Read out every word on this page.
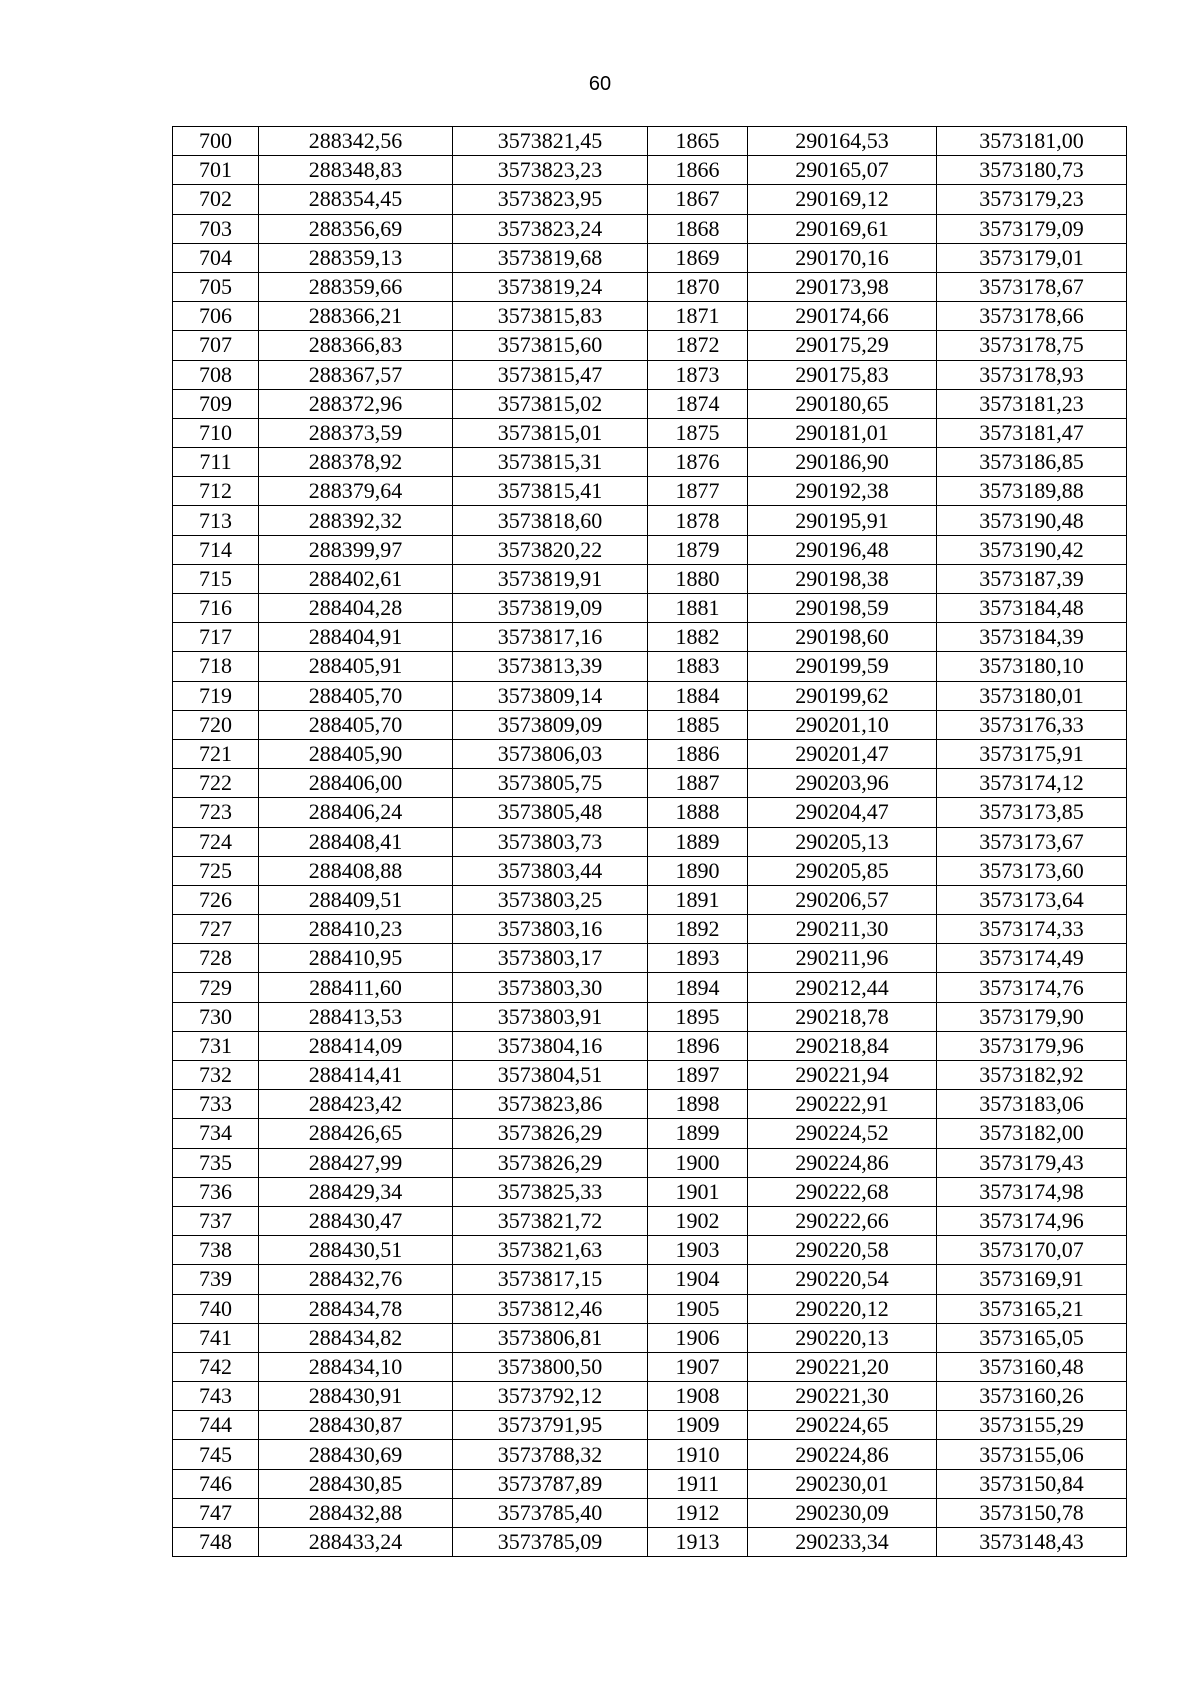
60
700	288342,56	3573821,45	1865	290164,53	3573181,00
701	288348,83	3573823,23	1866	290165,07	3573180,73
702	288354,45	3573823,95	1867	290169,12	3573179,23
703	288356,69	3573823,24	1868	290169,61	3573179,09
704	288359,13	3573819,68	1869	290170,16	3573179,01
705	288359,66	3573819,24	1870	290173,98	3573178,67
706	288366,21	3573815,83	1871	290174,66	3573178,66
707	288366,83	3573815,60	1872	290175,29	3573178,75
708	288367,57	3573815,47	1873	290175,83	3573178,93
709	288372,96	3573815,02	1874	290180,65	3573181,23
710	288373,59	3573815,01	1875	290181,01	3573181,47
711	288378,92	3573815,31	1876	290186,90	3573186,85
712	288379,64	3573815,41	1877	290192,38	3573189,88
713	288392,32	3573818,60	1878	290195,91	3573190,48
714	288399,97	3573820,22	1879	290196,48	3573190,42
715	288402,61	3573819,91	1880	290198,38	3573187,39
716	288404,28	3573819,09	1881	290198,59	3573184,48
717	288404,91	3573817,16	1882	290198,60	3573184,39
718	288405,91	3573813,39	1883	290199,59	3573180,10
719	288405,70	3573809,14	1884	290199,62	3573180,01
720	288405,70	3573809,09	1885	290201,10	3573176,33
721	288405,90	3573806,03	1886	290201,47	3573175,91
722	288406,00	3573805,75	1887	290203,96	3573174,12
723	288406,24	3573805,48	1888	290204,47	3573173,85
724	288408,41	3573803,73	1889	290205,13	3573173,67
725	288408,88	3573803,44	1890	290205,85	3573173,60
726	288409,51	3573803,25	1891	290206,57	3573173,64
727	288410,23	3573803,16	1892	290211,30	3573174,33
728	288410,95	3573803,17	1893	290211,96	3573174,49
729	288411,60	3573803,30	1894	290212,44	3573174,76
730	288413,53	3573803,91	1895	290218,78	3573179,90
731	288414,09	3573804,16	1896	290218,84	3573179,96
732	288414,41	3573804,51	1897	290221,94	3573182,92
733	288423,42	3573823,86	1898	290222,91	3573183,06
734	288426,65	3573826,29	1899	290224,52	3573182,00
735	288427,99	3573826,29	1900	290224,86	3573179,43
736	288429,34	3573825,33	1901	290222,68	3573174,98
737	288430,47	3573821,72	1902	290222,66	3573174,96
738	288430,51	3573821,63	1903	290220,58	3573170,07
739	288432,76	3573817,15	1904	290220,54	3573169,91
740	288434,78	3573812,46	1905	290220,12	3573165,21
741	288434,82	3573806,81	1906	290220,13	3573165,05
742	288434,10	3573800,50	1907	290221,20	3573160,48
743	288430,91	3573792,12	1908	290221,30	3573160,26
744	288430,87	3573791,95	1909	290224,65	3573155,29
745	288430,69	3573788,32	1910	290224,86	3573155,06
746	288430,85	3573787,89	1911	290230,01	3573150,84
747	288432,88	3573785,40	1912	290230,09	3573150,78
748	288433,24	3573785,09	1913	290233,34	3573148,43
